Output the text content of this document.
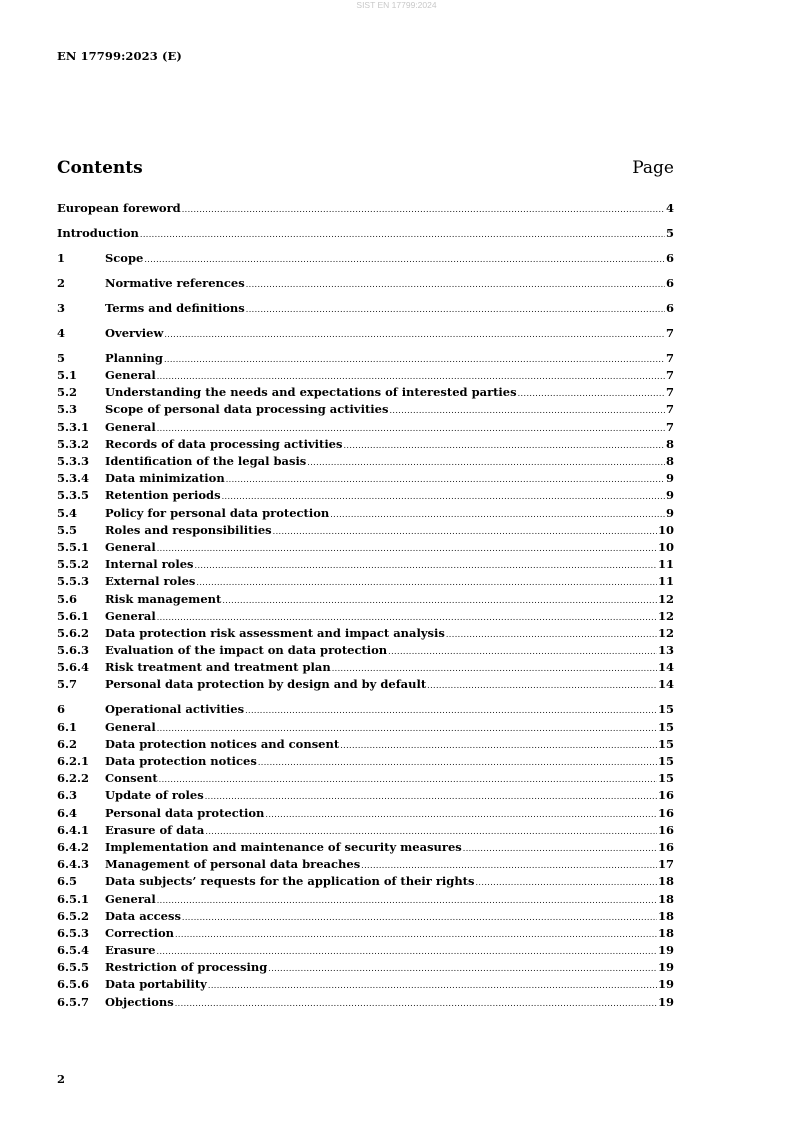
SIST EN 17799:2024
EN 17799:2023 (E)
Contents	Page
European foreword .....	4
Introduction .....	5
1	Scope .....	6
2	Normative references .....	6
3	Terms and definitions .....	6
4	Overview .....	7
5	Planning .....	7
5.1	General .....	7
5.2	Understanding the needs and expectations of interested parties .....	7
5.3	Scope of personal data processing activities .....	7
5.3.1	General .....	7
5.3.2	Records of data processing activities .....	8
5.3.3	Identification of the legal basis .....	8
5.3.4	Data minimization .....	9
5.3.5	Retention periods .....	9
5.4	Policy for personal data protection .....	9
5.5	Roles and responsibilities .....	10
5.5.1	General .....	10
5.5.2	Internal roles .....	11
5.5.3	External roles .....	11
5.6	Risk management .....	12
5.6.1	General .....	12
5.6.2	Data protection risk assessment and impact analysis .....	12
5.6.3	Evaluation of the impact on data protection .....	13
5.6.4	Risk treatment and treatment plan .....	14
5.7	Personal data protection by design and by default .....	14
6	Operational activities .....	15
6.1	General .....	15
6.2	Data protection notices and consent .....	15
6.2.1	Data protection notices .....	15
6.2.2	Consent .....	15
6.3	Update of roles .....	16
6.4	Personal data protection .....	16
6.4.1	Erasure of data .....	16
6.4.2	Implementation and maintenance of security measures .....	16
6.4.3	Management of personal data breaches .....	17
6.5	Data subjects’ requests for the application of their rights .....	18
6.5.1	General .....	18
6.5.2	Data access .....	18
6.5.3	Correction .....	18
6.5.4	Erasure .....	19
6.5.5	Restriction of processing .....	19
6.5.6	Data portability .....	19
6.5.7	Objections .....	19
2
